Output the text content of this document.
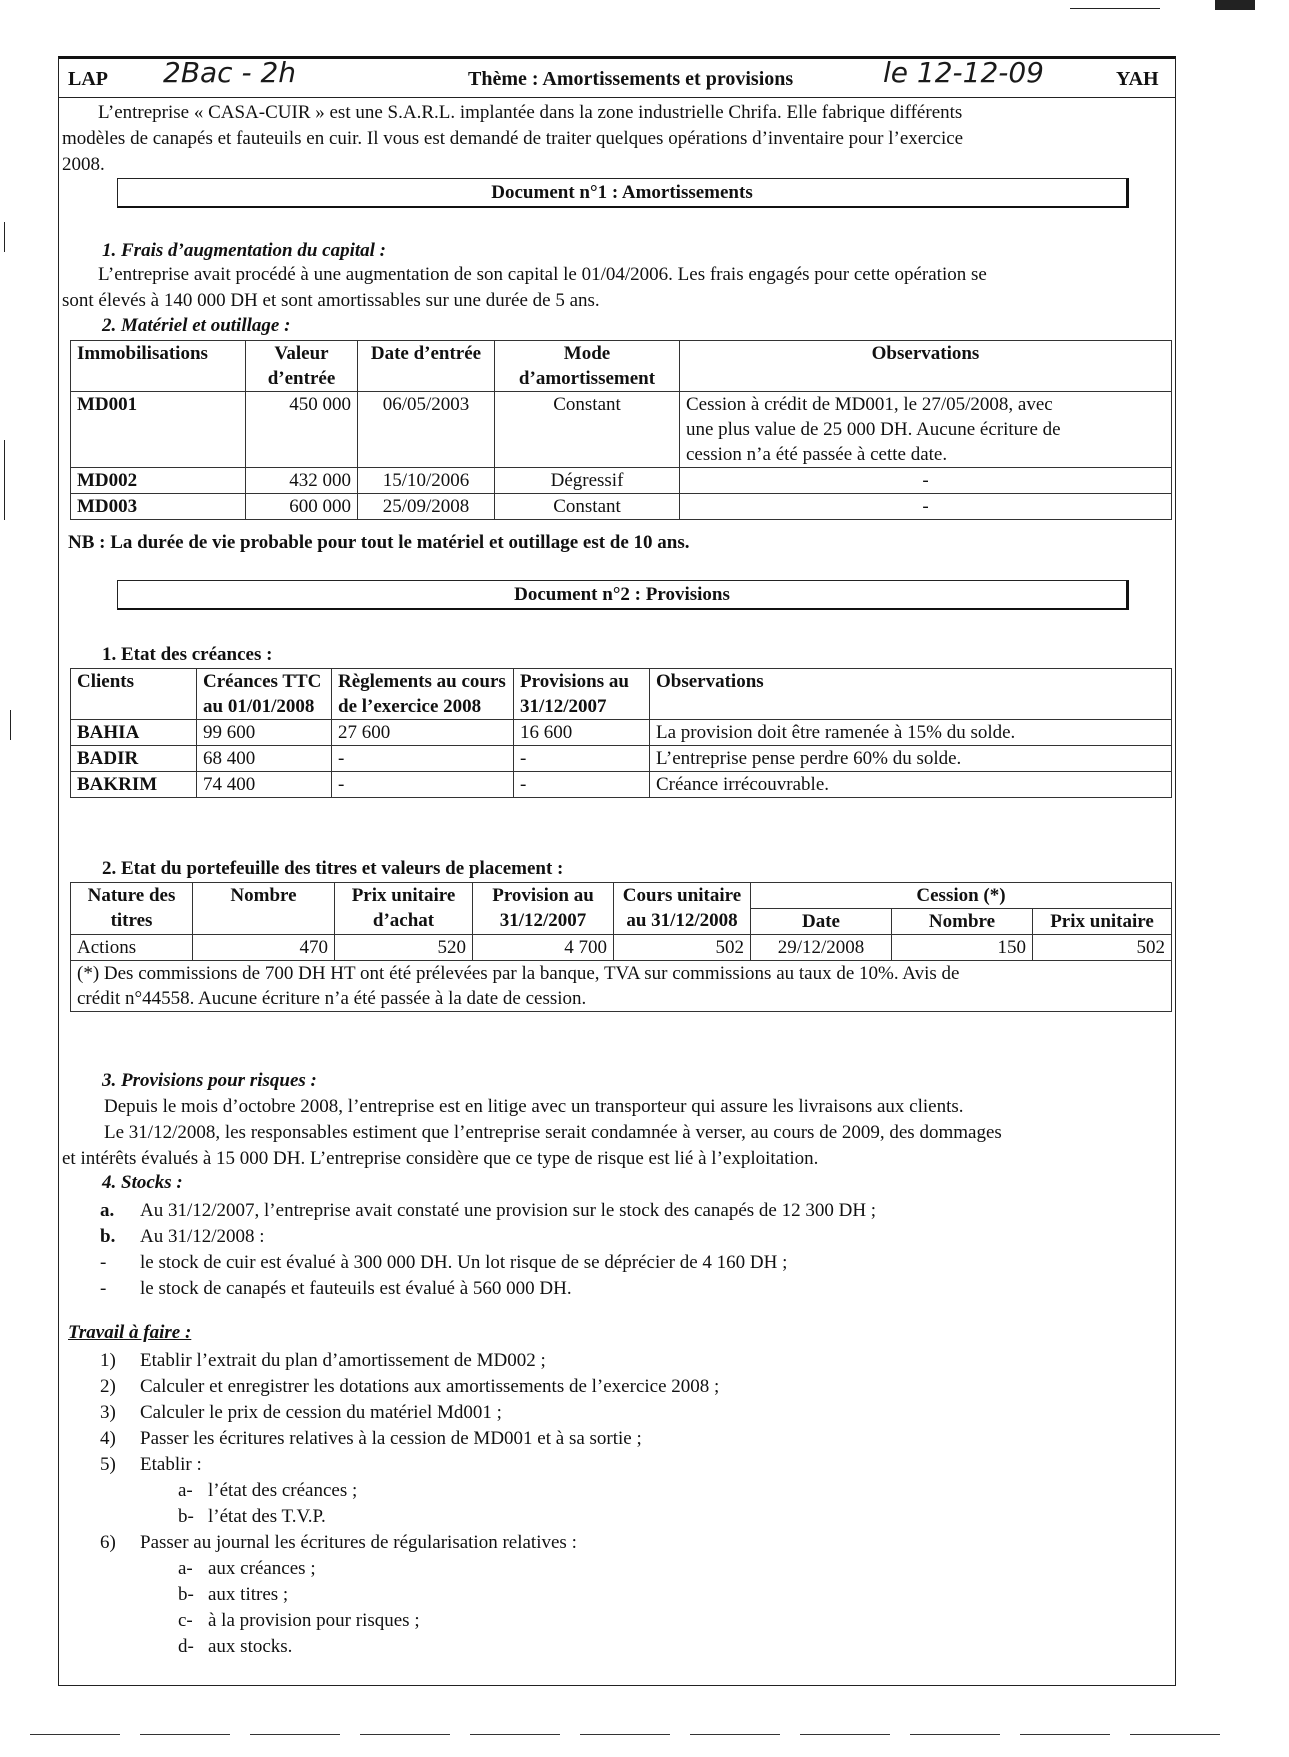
LAP 2Bac - 2h	Thème : Amortissements et provisions	le 12-12-09	YAH
L’entreprise « CASA-CUIR » est une S.A.R.L. implantée dans la zone industrielle Chrifa. Elle fabrique différents
modèles de canapés et fauteuils en cuir. Il vous est demandé de traiter quelques opérations d’inventaire pour l’exercice
2008.
Document n°1 : Amortissements
1. Frais d’augmentation du capital :
L’entreprise avait procédé à une augmentation de son capital le 01/04/2006. Les frais engagés pour cette opération se
sont élevés à 140 000 DH et sont amortissables sur une durée de 5 ans.
2. Matériel et outillage :
Immobilisations	Valeur d’entrée	Date d’entrée	Mode d’amortissement	Observations
MD001	450 000	06/05/2003	Constant	Cession à crédit de MD001, le 27/05/2008, avec
une plus value de 25 000 DH. Aucune écriture de
cession n’a été passée à cette date.

MD002	432 000	15/10/2006	Dégressif	-
MD003	600 000	25/09/2008	Constant	-
NB : La durée de vie probable pour tout le matériel et outillage est de 10 ans.
Document n°2 : Provisions
1. Etat des créances :
Clients	Créances TTC au 01/01/2008	Règlements au cours de l’exercice 2008	Provisions au 31/12/2007	Observations
BAHIA	99 600	27 600	16 600	La provision doit être ramenée à 15% du solde.
BADIR	68 400	-	-	L’entreprise pense perdre 60% du solde.
BAKRIM	74 400	-	-	Créance irrécouvrable.
2. Etat du portefeuille des titres et valeurs de placement :
Nature des titres	Nombre	Prix unitaire d’achat	Provision au 31/12/2007	Cours unitaire au 31/12/2008	Cession (*)		
					Date	Nombre	Prix unitaire
Actions	470	520	4 700	502	29/12/2008	150	502

(*) Des commissions de 700 DH HT ont été prélevées par la banque, TVA sur commissions au taux de 10%. Avis de
crédit n°44558. Aucune écriture n’a été passée à la date de cession.							
3. Provisions pour risques :
Depuis le mois d’octobre 2008, l’entreprise est en litige avec un transporteur qui assure les livraisons aux clients.
Le 31/12/2008, les responsables estiment que l’entreprise serait condamnée à verser, au cours de 2009, des dommages
et intérêts évalués à 15 000 DH. L’entreprise considère que ce type de risque est lié à l’exploitation.
4. Stocks :
a. Au 31/12/2007, l’entreprise avait constaté une provision sur le stock des canapés de 12 300 DH ;
b. Au 31/12/2008 :
- le stock de cuir est évalué à 300 000 DH. Un lot risque de se déprécier de 4 160 DH ;
- le stock de canapés et fauteuils est évalué à 560 000 DH.
Travail à faire :
1) Etablir l’extrait du plan d’amortissement de MD002 ;
2) Calculer et enregistrer les dotations aux amortissements de l’exercice 2008 ;
3) Calculer le prix de cession du matériel Md001 ;
4) Passer les écritures relatives à la cession de MD001 et à sa sortie ;
5) Etablir :
a- l’état des créances ;
b- l’état des T.V.P.
6) Passer au journal les écritures de régularisation relatives :
a- aux créances ;
b- aux titres ;
c- à la provision pour risques ;
d- aux stocks.
